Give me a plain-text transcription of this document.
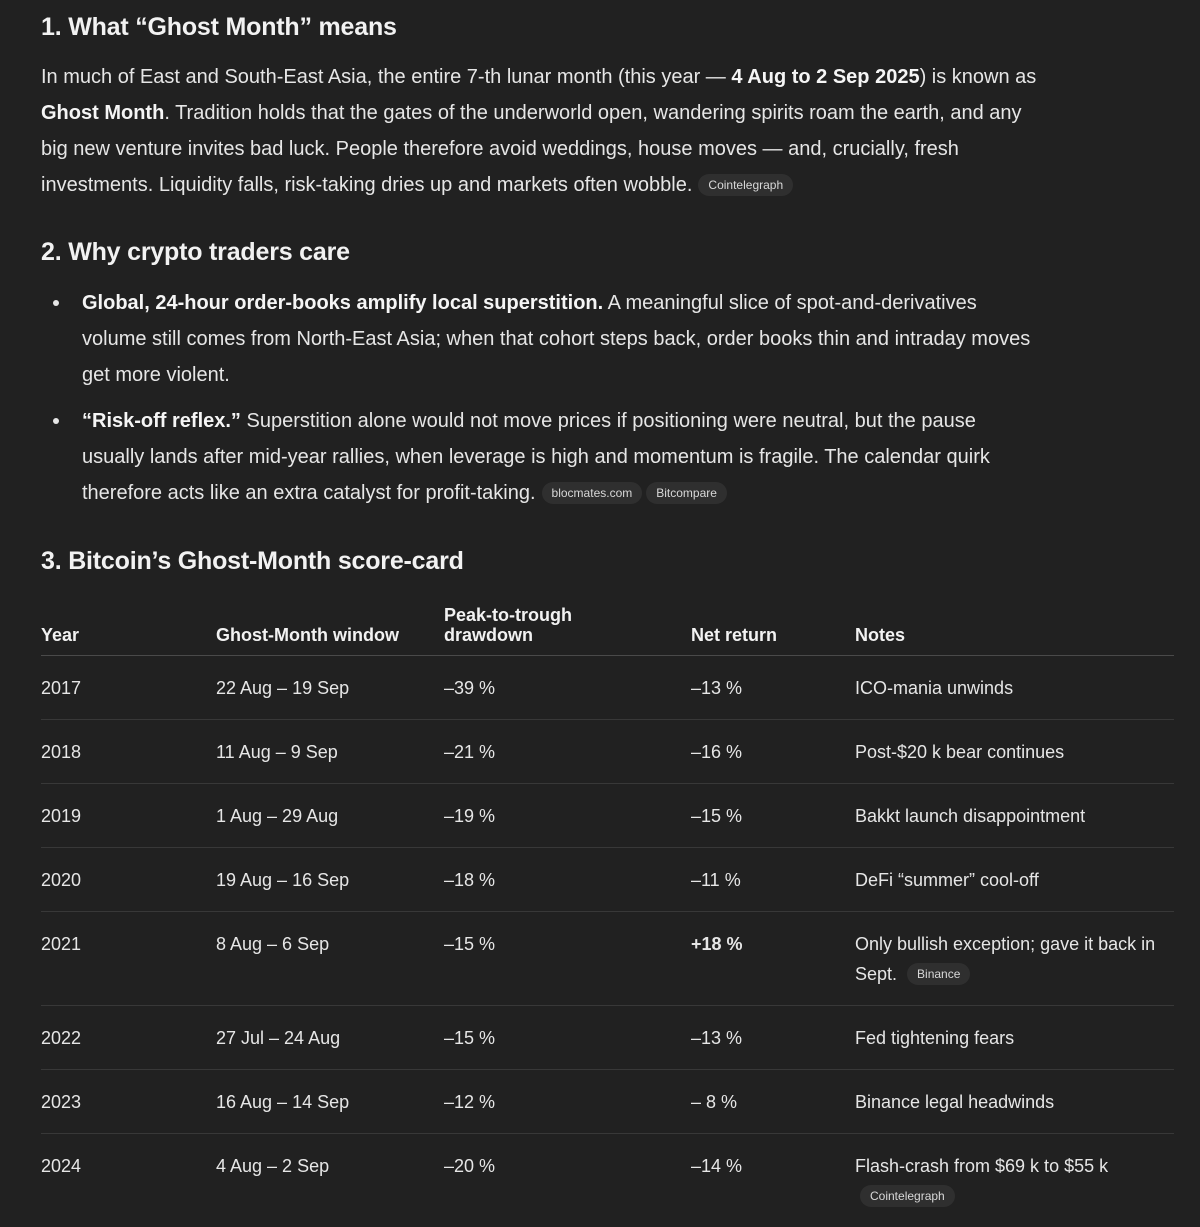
1. What “Ghost Month” means
In much of East and South-East Asia, the entire 7-th lunar month (this year — 4 Aug to 2 Sep 2025) is known as Ghost Month. Tradition holds that the gates of the underworld open, wandering spirits roam the earth, and any big new venture invites bad luck. People therefore avoid weddings, house moves — and, crucially, fresh investments. Liquidity falls, risk-taking dries up and markets often wobble. Cointelegraph
2. Why crypto traders care
Global, 24-hour order-books amplify local superstition. A meaningful slice of spot-and-derivatives volume still comes from North-East Asia; when that cohort steps back, order books thin and intraday moves get more violent.
“Risk-off reflex.” Superstition alone would not move prices if positioning were neutral, but the pause usually lands after mid-year rallies, when leverage is high and momentum is fragile. The calendar quirk therefore acts like an extra catalyst for profit-taking. blocmates.com Bitcompare
3. Bitcoin’s Ghost-Month score-card
Year	Ghost-Month window	Peak-to-trough drawdown	Net return	Notes
2017	22 Aug – 19 Sep	–39 %	–13 %	ICO-mania unwinds
2018	11 Aug – 9 Sep	–21 %	–16 %	Post-$20 k bear continues
2019	1 Aug – 29 Aug	–19 %	–15 %	Bakkt launch disappointment
2020	19 Aug – 16 Sep	–18 %	–11 %	DeFi “summer” cool-off
2021	8 Aug – 6 Sep	–15 %	+18 %	Only bullish exception; gave it back in Sept. Binance
2022	27 Jul – 24 Aug	–15 %	–13 %	Fed tightening fears
2023	16 Aug – 14 Sep	–12 %	– 8 %	Binance legal headwinds
2024	4 Aug – 2 Sep	–20 %	–14 %	Flash-crash from $69 k to $55 k
Cointelegraph
